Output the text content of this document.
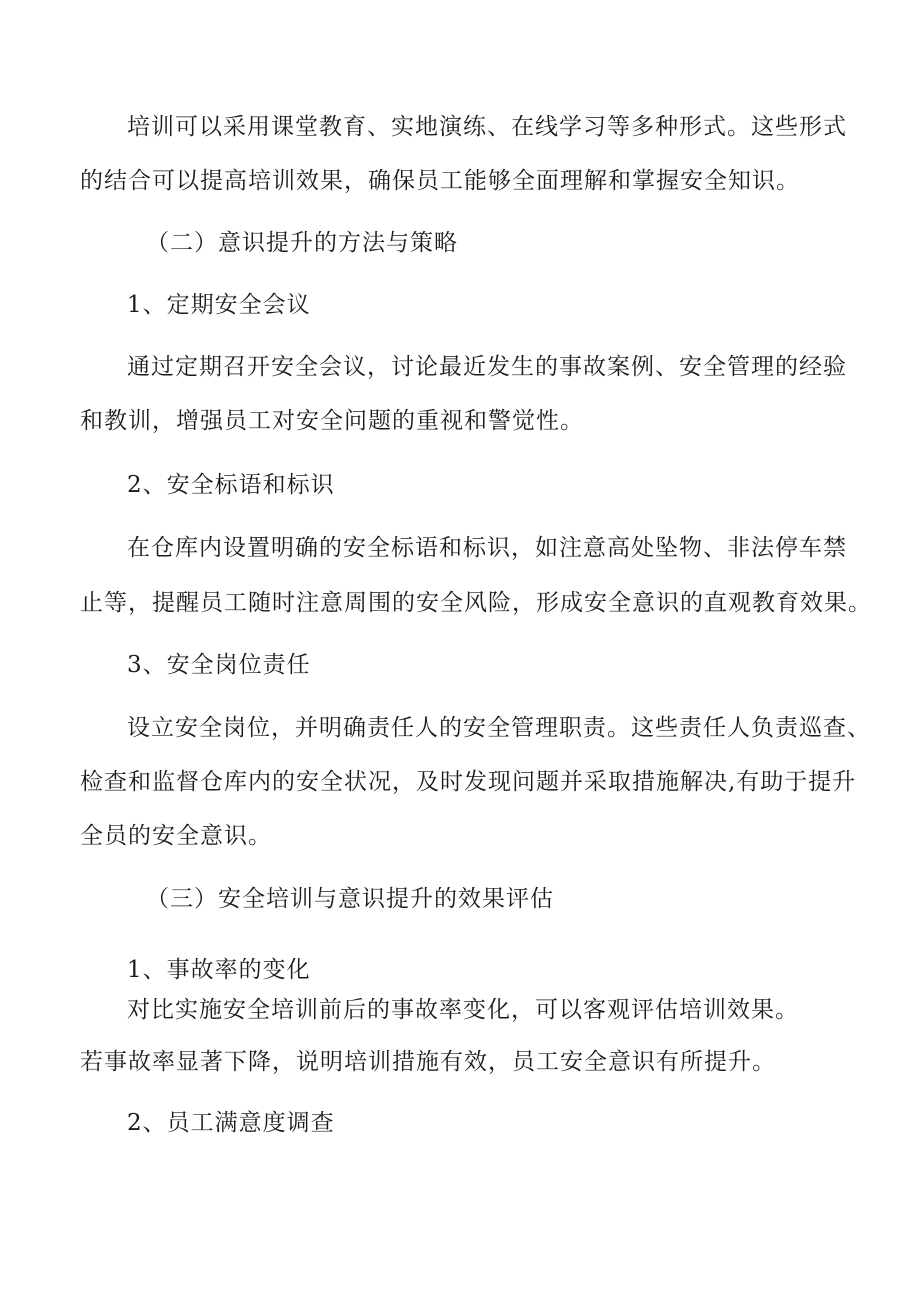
培训可以采用课堂教育、实地演练、在线学习等多种形式。这些形式
的结合可以提高培训效果，确保员工能够全面理解和掌握安全知识。
（二）意识提升的方法与策略
1、定期安全会议
通过定期召开安全会议，讨论最近发生的事故案例、安全管理的经验
和教训，增强员工对安全问题的重视和警觉性。
2、安全标语和标识
在仓库内设置明确的安全标语和标识，如注意高处坠物、非法停车禁
止等，提醒员工随时注意周围的安全风险，形成安全意识的直观教育效果。
3、安全岗位责任
设立安全岗位，并明确责任人的安全管理职责。这些责任人负责巡查、
检查和监督仓库内的安全状况，及时发现问题并采取措施解决,有助于提升
全员的安全意识。
（三）安全培训与意识提升的效果评估
1、事故率的变化
对比实施安全培训前后的事故率变化，可以客观评估培训效果。
若事故率显著下降，说明培训措施有效，员工安全意识有所提升。
2、员工满意度调查
